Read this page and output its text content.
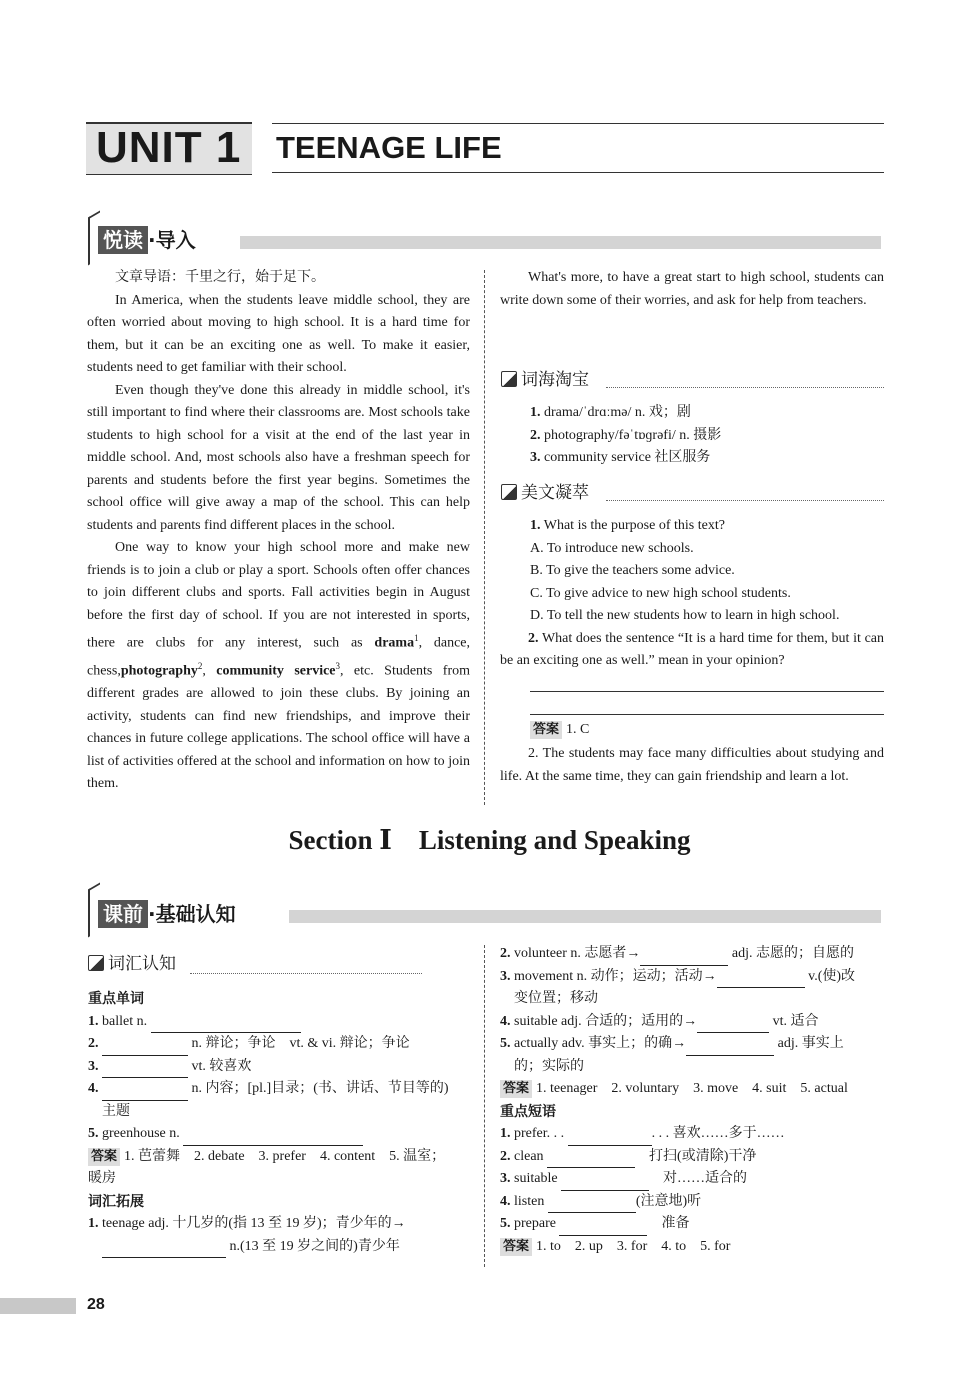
UNIT 1 TEENAGE LIFE
悦读 ·导入

文章导语：千里之行，始于足下。

In America, when the students leave middle school, they are often worried about moving to high school. It is a hard time for them, but it can be an exciting one as well. To make it easier, students need to get familiar with their school.

Even though they've done this already in middle school, it's still important to find where their classrooms are. Most schools take students to high school for a visit at the end of the last year in middle school. And, most schools also have a freshman speech for parents and students before the first year begins. Sometimes the school office will give away a map of the school. This can help students and parents find different places in the school.

One way to know your high school more and make new friends is to join a club or play a sport. Schools often offer chances to join different clubs and sports. Fall activities begin in August before the first day of school. If you are not interested in sports, there are clubs for any interest, such as drama$^1$, dance, chess,photography$^2$, community service$^3$, etc. Students from different grades are allowed to join these clubs. By joining an activity, students can find new friendships, and improve their chances in future college applications. The school office will have a list of activities offered at the school and information on how to join them.

What's more, to have a great start to high school, students can write down some of their worries, and ask for help from teachers.

词海淘宝
1. drama/ˈdrɑːmə/ n. 戏；剧
2. photography/fəˈtɒɡrəfi/ n. 摄影
3. community service 社区服务
美文凝萃
1. What is the purpose of this text?
A. To introduce new schools.
B. To give the teachers some advice.
C. To give advice to new high school students.
D. To tell the new students how to learn in high school.

2. What does the sentence “It is a hard time for them, but it can be an exciting one as well.” mean in your opinion?

答案 1. C

2. The students may face many difficulties about studying and life. At the same time, they can gain friendship and learn a lot.

Section Ⅰ　Listening and Speaking
课前 ·基础认知
词汇认知
重点单词
1. ballet n.
2.	n. 辩论；争论　vt. & vi. 辩论；争论
3.	vt. 较喜欢
4.	n. 内容；[pl.]目录；(书、讲话、节目等的)
主题
5. greenhouse n.
答案 1. 芭蕾舞　2. debate　3. prefer　4. content　5. 温室；
暖房
词汇拓展
1. teenage adj. 十几岁的(指 13 至 19 岁)；青少年的→
n.(13 至 19 岁之间的)青少年
2. volunteer n. 志愿者→	adj. 志愿的；自愿的
3. movement n. 动作；运动；活动→	v.(使)改
变位置；移动
4. suitable adj. 合适的；适用的→	vt. 适合
5. actually adv. 事实上；的确→	adj. 事实上
的；实际的
答案 1. teenager　2. voluntary　3. move　4. suit　5. actual
重点短语
1. prefer. . .	. . . 喜欢……多于……
2. clean 　	打扫(或清除)干净
3. suitable 　	对……适合的
4. listen	(注意地)听
5. prepare 　	准备
答案 1. to　2. up　3. for　4. to　5. for
28
